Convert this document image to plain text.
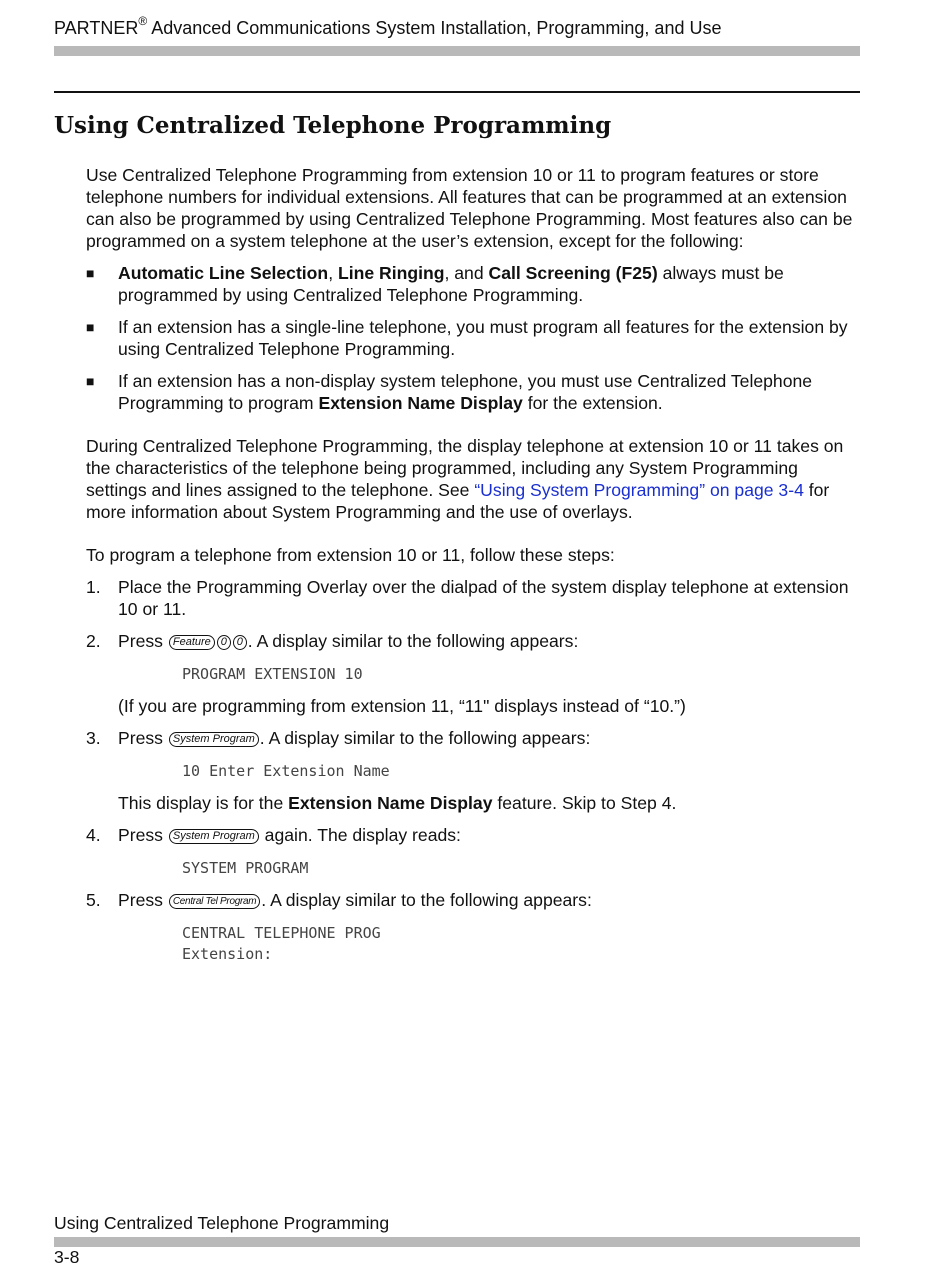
PARTNER® Advanced Communications System Installation, Programming, and Use
Using Centralized Telephone Programming

Use Centralized Telephone Programming from extension 10 or 11 to program features or store telephone numbers for individual extensions. All features that can be programmed at an extension can also be programmed by using Centralized Telephone Programming. Most features also can be programmed on a system telephone at the user’s extension, except for the following:

■ Automatic Line Selection, Line Ringing, and Call Screening (F25) always must be programmed by using Centralized Telephone Programming.
■ If an extension has a single-line telephone, you must program all features for the extension by using Centralized Telephone Programming.
■ If an extension has a non-display system telephone, you must use Centralized Telephone Programming to program Extension Name Display for the extension.

During Centralized Telephone Programming, the display telephone at extension 10 or 11 takes on the characteristics of the telephone being programmed, including any System Programming settings and lines assigned to the telephone. See “Using System Programming” on page 3-4 for more information about System Programming and the use of overlays.

To program a telephone from extension 10 or 11, follow these steps:

1. Place the Programming Overlay over the dialpad of the system display telephone at extension 10 or 11.
2. Press Feature 0 0 . A display similar to the following appears:
PROGRAM EXTENSION 10
(If you are programming from extension 11, “11" displays instead of “10.”)
3. Press System Program . A display similar to the following appears:
10 Enter Extension Name
This display is for the Extension Name Display feature. Skip to Step 4.
4. Press System Program again. The display reads:
SYSTEM PROGRAM
5. Press Central Tel Program . A display similar to the following appears:
CENTRAL TELEPHONE PROG
Extension:
Using Centralized Telephone Programming
3-8
